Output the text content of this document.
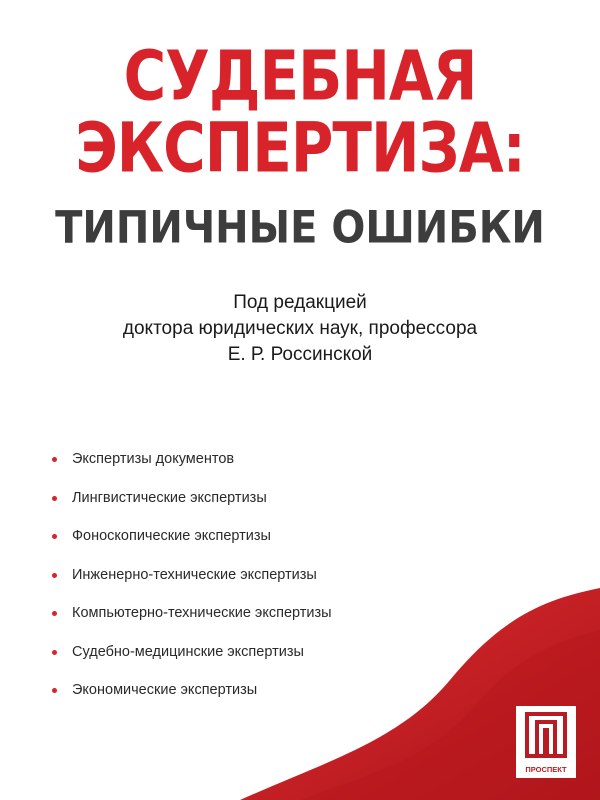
СУДЕБНАЯ
ЭКСПЕРТИЗА:
ТИПИЧНЫЕ ОШИБКИ
Под редакцией
доктора юридических наук, профессора
Е. Р. Россинской
Экспертизы документов
Лингвистические экспертизы
Фоноскопические экспертизы
Инженерно-технические экспертизы
Компьютерно-технические экспертизы
Судебно-медицинские экспертизы
Экономические экспертизы
ПРОСПЕКТ
